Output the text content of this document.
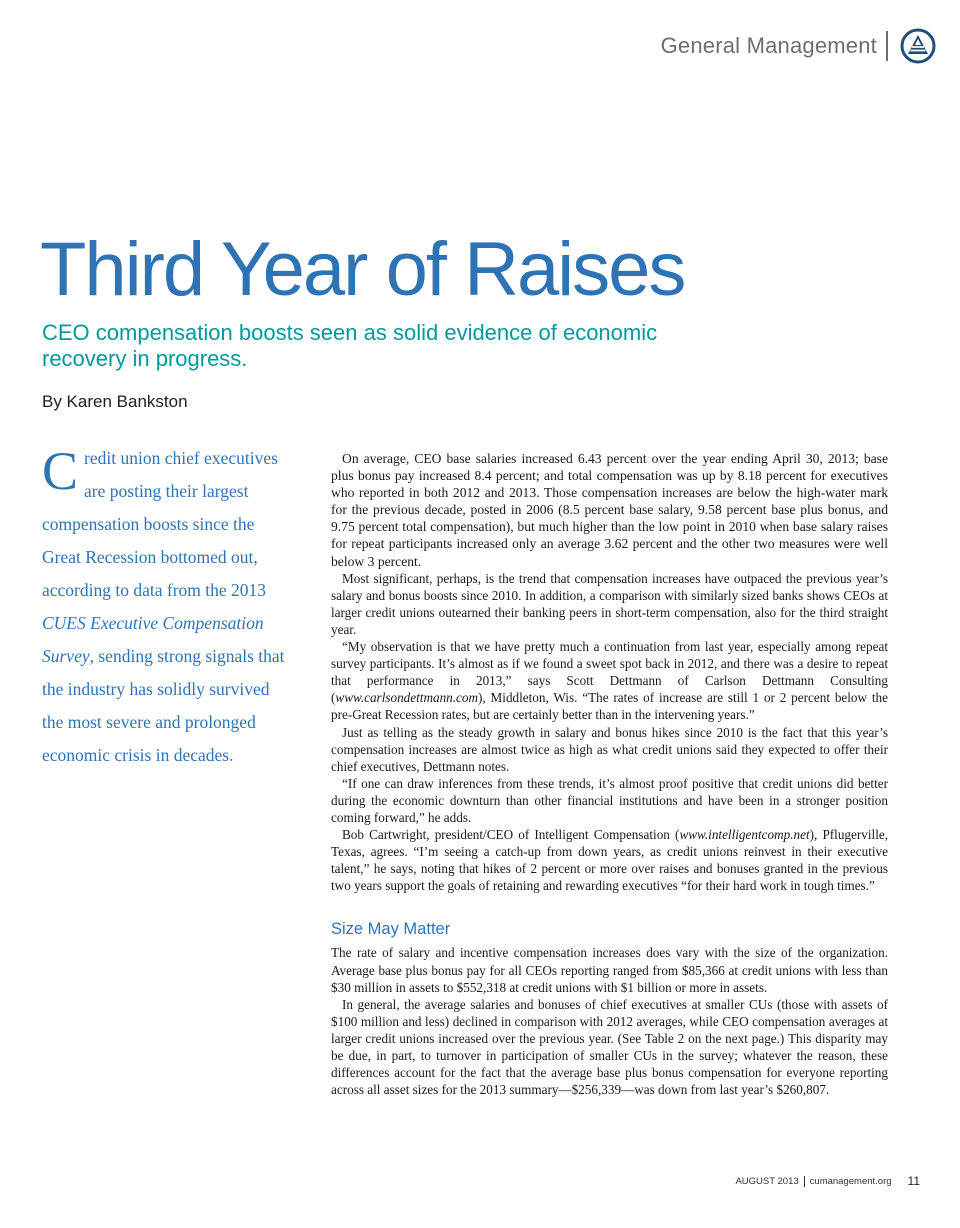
General Management
Third Year of Raises
CEO compensation boosts seen as solid evidence of economic recovery in progress.

By Karen Bankston

Credit union chief executives are posting their largest compensation boosts since the Great Recession bottomed out, according to data from the 2013 CUES Executive Compensation Survey, sending strong signals that the industry has solidly survived the most severe and prolonged economic crisis in decades.

On average, CEO base salaries increased 6.43 percent over the year ending April 30, 2013; base plus bonus pay increased 8.4 percent; and total compensation was up by 8.18 percent for executives who reported in both 2012 and 2013. Those compensation increases are below the high-water mark for the previous decade, posted in 2006 (8.5 percent base salary, 9.58 percent base plus bonus, and 9.75 percent total compensation), but much higher than the low point in 2010 when base salary raises for repeat participants increased only an average 3.62 percent and the other two measures were well below 3 percent.

Most significant, perhaps, is the trend that compensation increases have outpaced the previous year’s salary and bonus boosts since 2010. In addition, a comparison with similarly sized banks shows CEOs at larger credit unions outearned their banking peers in short-term compensation, also for the third straight year.

“My observation is that we have pretty much a continuation from last year, especially among repeat survey participants. It’s almost as if we found a sweet spot back in 2012, and there was a desire to repeat that performance in 2013,” says Scott Dettmann of Carlson Dettmann Consulting (www.carlsondettmann.com), Middleton, Wis. “The rates of increase are still 1 or 2 percent below the pre-Great Recession rates, but are certainly better than in the intervening years.”

Just as telling as the steady growth in salary and bonus hikes since 2010 is the fact that this year’s compensation increases are almost twice as high as what credit unions said they expected to offer their chief executives, Dettmann notes.

“If one can draw inferences from these trends, it’s almost proof positive that credit unions did better during the economic downturn than other financial institutions and have been in a stronger position coming forward,” he adds.

Bob Cartwright, president/CEO of Intelligent Compensation (www.intelligentcomp.net), Pflugerville, Texas, agrees. “I’m seeing a catch-up from down years, as credit unions reinvest in their executive talent,” he says, noting that hikes of 2 percent or more over raises and bonuses granted in the previous two years support the goals of retaining and rewarding executives “for their hard work in tough times.”

Size May Matter

The rate of salary and incentive compensation increases does vary with the size of the organization. Average base plus bonus pay for all CEOs reporting ranged from $85,366 at credit unions with less than $30 million in assets to $552,318 at credit unions with $1 billion or more in assets.

In general, the average salaries and bonuses of chief executives at smaller CUs (those with assets of $100 million and less) declined in comparison with 2012 averages, while CEO compensation averages at larger credit unions increased over the previous year. (See Table 2 on the next page.) This disparity may be due, in part, to turnover in participation of smaller CUs in the survey; whatever the reason, these differences account for the fact that the average base plus bonus compensation for everyone reporting across all asset sizes for the 2013 summary—$256,339—was down from last year’s $260,807.

AUGUST 2013 cumanagement.org 11
